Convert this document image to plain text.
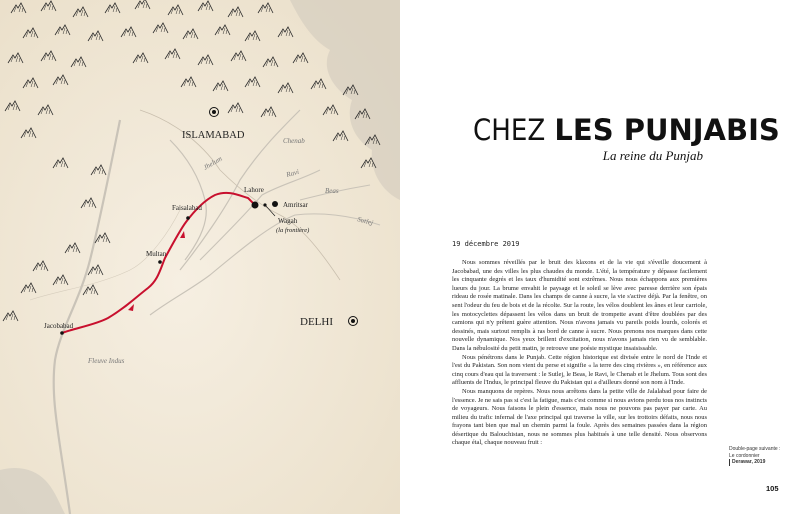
ISLAMABAD
DELHI
Lahore
Amritsar
Wagah
(la frontière)
Faisalabad
Multan
Jacobabad
Chenab
Jhelum
Ravi
Beas
Sutlej
Fleuve Indus
CHEZ LES PUNJABIS
La reine du Punjab
19 décembre 2019

Nous sommes réveillés par le bruit des klaxons et de la vie qui s'éveille doucement à Jacobabad, une des villes les plus chaudes du monde. L'été, la température y dépasse facilement les cinquante degrés et les taux d'humidité sont extrêmes. Nous nous échappons aux premières lueurs du jour. La brume envahit le paysage et le soleil se lève avec paresse derrière son épais rideau de rosée matinale. Dans les champs de canne à sucre, la vie s'active déjà. Par la fenêtre, on sent l'odeur du feu de bois et de la récolte. Sur la route, les vélos doublent les ânes et leur carriole, les motocyclettes dépassent les vélos dans un bruit de trompette avant d'être doublées par des camions qui n'y prêtent guère attention. Nous n'avons jamais vu pareils poids lourds, colorés et dessinés, mais surtout remplis à ras bord de canne à sucre. Nous prenons nos marques dans cette nouvelle dynamique. Nos yeux brillent d'excitation, nous n'avons jamais rien vu de semblable. Dans la nébulosité du petit matin, je retrouve une poésie mystique insaisissable.

Nous pénétrons dans le Punjab. Cette région historique est divisée entre le nord de l'Inde et l'est du Pakistan. Son nom vient du perse et signifie « la terre des cinq rivières », en référence aux cinq cours d'eau qui la traversent : le Sutlej, le Beas, le Ravi, le Chenab et le Jhelum. Tous sont des affluents de l'Indus, le principal fleuve du Pakistan qui a d'ailleurs donné son nom à l'Inde.

Nous manquons de repères. Nous nous arrêtons dans la petite ville de Jalalabad pour faire de l'essence. Je ne sais pas si c'est la fatigue, mais c'est comme si nous avions perdu tous nos instincts de voyageurs. Nous faisons le plein d'essence, mais nous ne pouvons pas payer par carte. Au milieu du trafic infernal de l'axe principal qui traverse la ville, sur les trottoirs défaits, nous nous frayons tant bien que mal un chemin parmi la foule. Après des semaines passées dans la région désertique du Balouchistan, nous ne sommes plus habitués à une telle densité. Nous observons chaque étal, chaque nouveau fruit :

Double-page suivante :
Le cordonnier
Derawar, 2019
105
